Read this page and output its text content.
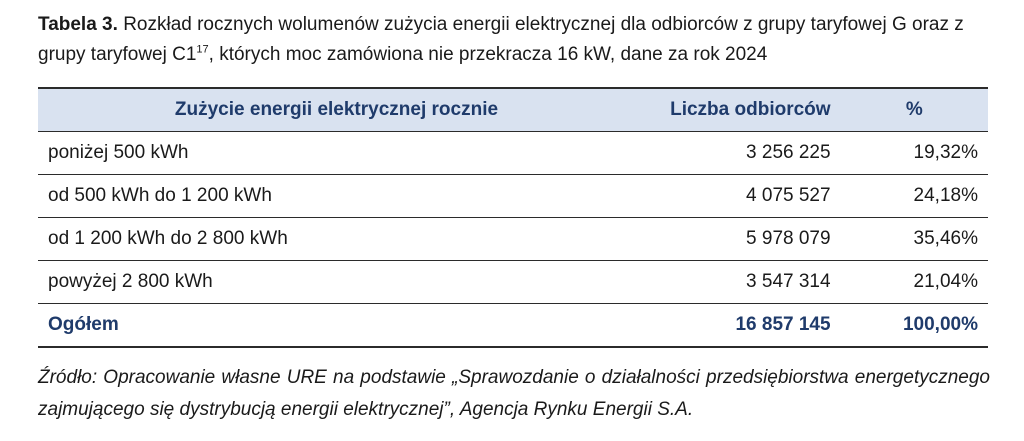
Tabela 3. Rozkład rocznych wolumenów zużycia energii elektrycznej dla odbiorców z grupy taryfowej G oraz z grupy taryfowej $C1^{17}$, których moc zamówiona nie przekracza 16 kW, dane za rok 2024
Zużycie energii elektrycznej rocznie	Liczba odbiorców	%
poniżej 500 kWh	3 256 225	19,32%
od 500 kWh do 1 200 kWh	4 075 527	24,18%
od 1 200 kWh do 2 800 kWh	5 978 079	35,46%
powyżej 2 800 kWh	3 547 314	21,04%
Ogółem	16 857 145	100,00%
Źródło: Opracowanie własne URE na podstawie „Sprawozdanie o działalności przedsiębiorstwa energetycznego zajmującego się dystrybucją energii elektrycznej”, Agencja Rynku Energii S.A.
